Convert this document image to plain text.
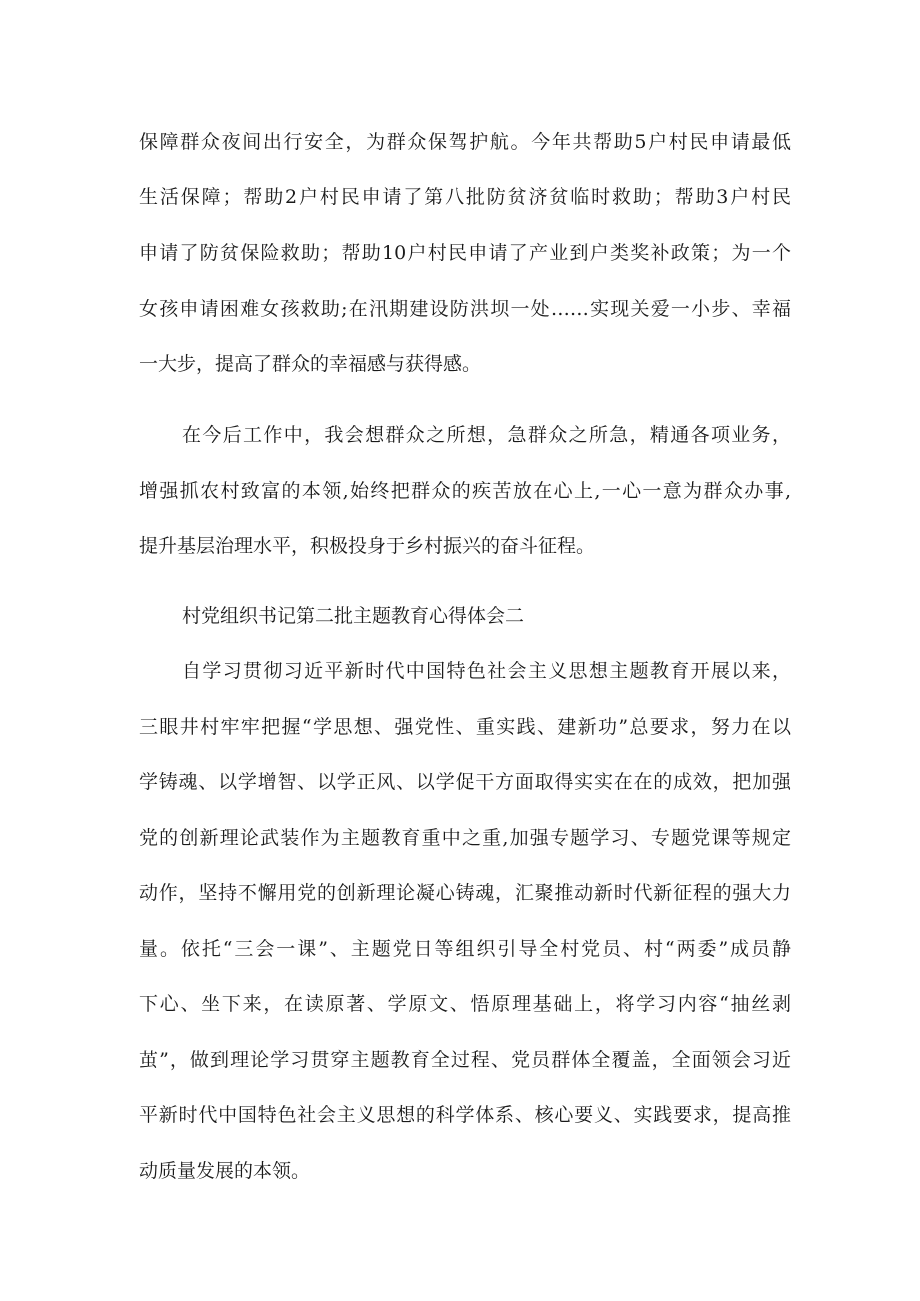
保障群众夜间出行安全，为群众保驾护航。今年共帮助5户村民申请最低
生活保障；帮助2户村民申请了第八批防贫济贫临时救助；帮助3户村民
申请了防贫保险救助；帮助10户村民申请了产业到户类奖补政策；为一个
女孩申请困难女孩救助;在汛期建设防洪坝一处……实现关爱一小步、幸福
一大步，提高了群众的幸福感与获得感。
在今后工作中，我会想群众之所想，急群众之所急，精通各项业务，
增强抓农村致富的本领,始终把群众的疾苦放在心上,一心一意为群众办事,
提升基层治理水平，积极投身于乡村振兴的奋斗征程。
村党组织书记第二批主题教育心得体会二
自学习贯彻习近平新时代中国特色社会主义思想主题教育开展以来，
三眼井村牢牢把握“学思想、强党性、重实践、建新功”总要求，努力在以
学铸魂、以学增智、以学正风、以学促干方面取得实实在在的成效，把加强
党的创新理论武装作为主题教育重中之重,加强专题学习、专题党课等规定
动作，坚持不懈用党的创新理论凝心铸魂，汇聚推动新时代新征程的强大力
量。依托“三会一课”、主题党日等组织引导全村党员、村“两委”成员静
下心、坐下来，在读原著、学原文、悟原理基础上，将学习内容“抽丝剥
茧”，做到理论学习贯穿主题教育全过程、党员群体全覆盖，全面领会习近
平新时代中国特色社会主义思想的科学体系、核心要义、实践要求，提高推
动质量发展的本领。
